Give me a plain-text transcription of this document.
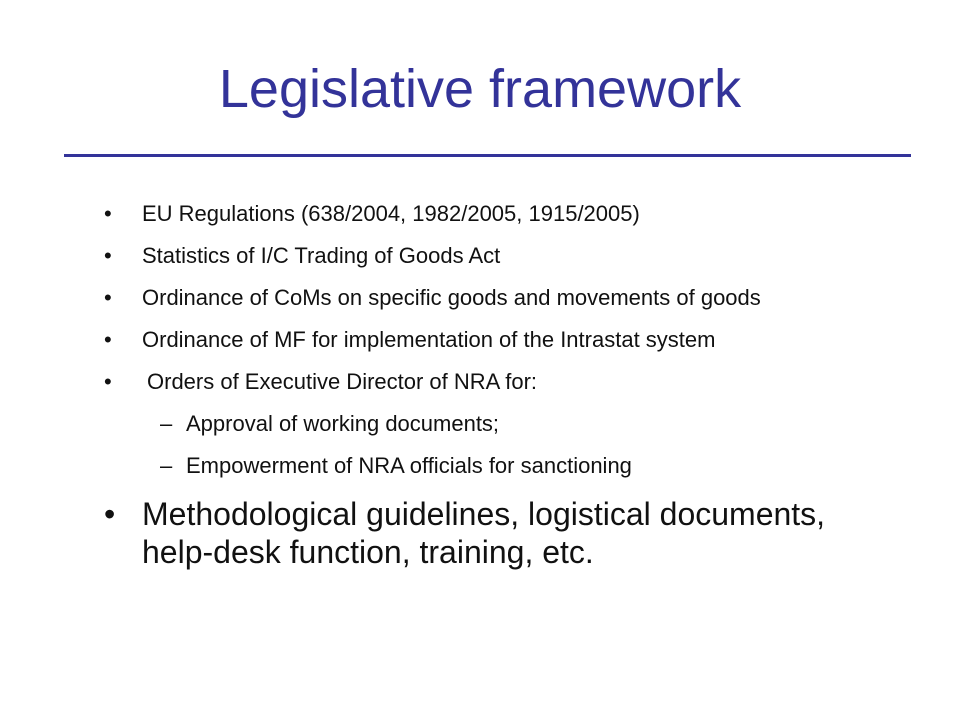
Legislative framework
• EU Regulations (638/2004, 1982/2005, 1915/2005)
• Statistics of I/C Trading of Goods Act
• Ordinance of CoMs on specific goods and movements of goods
• Ordinance of MF for implementation of the Intrastat system
• Orders of Executive Director of NRA for:
– Approval of working documents;
– Empowerment of NRA officials for sanctioning
• Methodological guidelines, logistical documents, help-desk function, training, etc.
